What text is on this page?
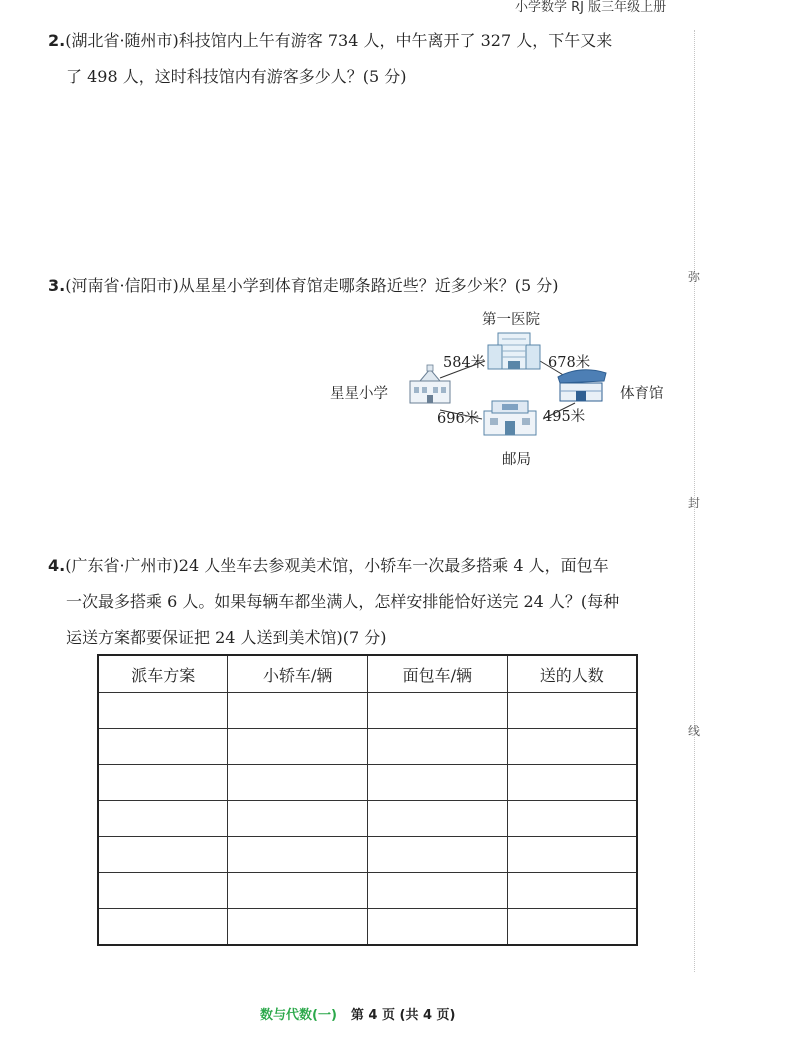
小学数学 RJ 版三年级上册
弥
封
线
2.(湖北省·随州市)科技馆内上午有游客 734 人，中午离开了 327 人，下午又来
了 498 人，这时科技馆内有游客多少人？(5 分)
3.(河南省·信阳市)从星星小学到体育馆走哪条路近些？近多少米？(5 分)
第一医院
星星小学	体育馆
邮局
584米	678米
696米	495米
4.(广东省·广州市)24 人坐车去参观美术馆，小轿车一次最多搭乘 4 人，面包车
一次最多搭乘 6 人。如果每辆车都坐满人，怎样安排能恰好送完 24 人？(每种
运送方案都要保证把 24 人送到美术馆)(7 分)
派车方案	小轿车/辆	面包车/辆	送的人数

数与代数(一) 第 4 页 (共 4 页)
